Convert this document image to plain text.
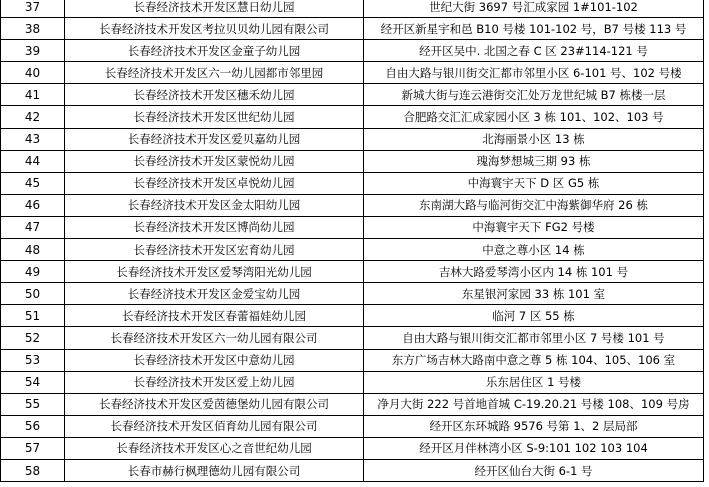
37	长春经济技术开发区慧日幼儿园	世纪大街 3697 号汇成家园 1#101-102	
38	长春经济技术开发区考拉贝贝幼儿园有限公司	经开区新星宇和邑 B10 号楼 101-102 号，B7 号楼 113 号	
39	长春经济技术开发区金童子幼儿园	经开区吴中. 北国之春 C 区 23#114-121 号	
40	长春经济技术开发区六一幼儿园都市邻里园	自由大路与银川街交汇都市邻里小区 6-101 号、102 号楼	
41	长春经济技术开发区穗禾幼儿园	新城大街与连云港街交汇处万龙世纪城 B7 栋楼一层	
42	长春经济技术开发区世纪幼儿园	合肥路交汇汇成家园小区 3 栋 101、102、103 号	
43	长春经济技术开发区爱贝嘉幼儿园	北海丽景小区 13 栋	
44	长春经济技术开发区蒙悦幼儿园	瑰海梦想城三期 93 栋	
45	长春经济技术开发区卓悦幼儿园	中海寰宇天下 D 区 G5 栋	
46	长春经济技术开发区金太阳幼儿园	东南湖大路与临河街交汇中海紫御华府 26 栋	
47	长春经济技术开发区博尚幼儿园	中海寰宇天下 FG2 号楼	
48	长春经济技术开发区宏育幼儿园	中意之尊小区 14 栋	
49	长春经济技术开发区爱琴湾阳光幼儿园	吉林大路爱琴湾小区内 14 栋 101 号	
50	长春经济技术开发区金爱宝幼儿园	东星银河家园 33 栋 101 室	
51	长春经济技术开发区春蕾福娃幼儿园	临河 7 区 55 栋	
52	长春经济技术开发区六一幼儿园有限公司	自由大路与银川街交汇都市邻里小区 7 号楼 101 号	
53	长春经济技术开发区中意幼儿园	东方广场吉林大路南中意之尊 5 栋 104、105、106 室	
54	长春经济技术开发区爱上幼儿园	乐东居住区 1 号楼	
55	长春经济技术开发区爱茵德堡幼儿园有限公司	净月大街 222 号首地首城 C-19.20.21 号楼 108、109 号房	
56	长春经济技术开发区佰育幼儿园有限公司	经开区东环城路 9576 号第 1、2 层局部	
57	长春经济技术开发区心之音世纪幼儿园	经开区月伴林湾小区 S-9:101 102 103 104	
58	长春市赫行枫理德幼儿园有限公司	经开区仙台大街 6-1 号	
